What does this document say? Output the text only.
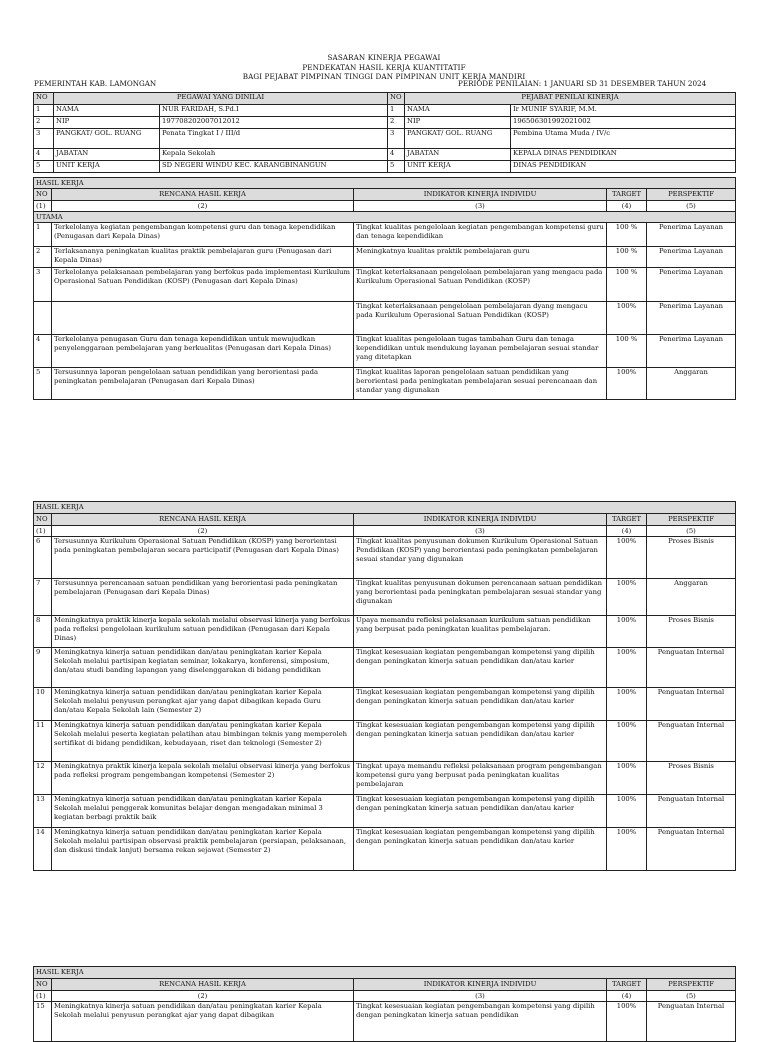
SASARAN KINERJA PEGAWAI
PENDEKATAN HASIL KERJA KUANTITATIF
BAGI PEJABAT PIMPINAN TINGGI DAN PIMPINAN UNIT KERJA MANDIRI
PEMERINTAH KAB. LAMONGAN	PERIODE PENILAIAN: 1 JANUARI SD 31 DESEMBER TAHUN 2024
NO	PEGAWAI YANG DINILAI		NO	PEJABAT PENILAI KINERJA	
1	NAMA	NUR FARIDAH, S.Pd.I	1	NAMA	Ir MUNIF SYARIF, M.M.
2	NIP	197708202007012012	2	NIP	196506301992021002
3	PANGKAT/ GOL. RUANG	Penata Tingkat I / III/d	3	PANGKAT/ GOL. RUANG	Pembina Utama Muda / IV/c
4	JABATAN	Kepala Sekolah	4	JABATAN	KEPALA DINAS PENDIDIKAN
5	UNIT KERJA	SD NEGERI WINDU KEC. KARANGBINANGUN	5	UNIT KERJA	DINAS PENDIDIKAN
HASIL KERJA				
NO	RENCANA HASIL KERJA	INDIKATOR KINERJA INDIVIDU	TARGET	PERSPEKTIF
(1)	(2)	(3)	(4)	(5)
UTAMA				
1	Terkelolanya kegiatan pengembangan kompetensi guru dan tenaga kependidikan (Penugasan dari Kepala Dinas)	Tingkat kualitas pengelolaan kegiatan pengembangan kompetensi guru dan tenaga kependidikan	100 %	Penerima Layanan
2	Terlaksananya peningkatan kualitas praktik pembelajaran guru (Penugasan dari Kepala Dinas)	Meningkatnya kualitas praktik pembelajaran guru	100 %	Penerima Layanan
3	Terkelolanya pelaksanaan pembelajaran yang berfokus pada implementasi Kurikulum Operasional Satuan Pendidikan (KOSP) (Penugasan dari Kepala Dinas)	Tingkat keterlaksanaan pengelolaan pembelajaran yang mengacu pada Kurikulum Operasional Satuan Pendidikan (KOSP)	100 %	Penerima Layanan
		Tingkat keterlaksanaan pengelolaan pembelajaran dyang mengacu pada Kurikulum Operasional Satuan Pendidikan (KOSP)	100%	Penerima Layanan
4	Terkelolanya penugasan Guru dan tenaga kependidikan untuk mewujudkan penyelenggaraan pembelajaran yang berkualitas (Penugasan dari Kepala Dinas)	Tingkat kualitas pengelolaan tugas tambahan Guru dan tenaga kependidikan untuk mendukung layanan pembelajaran sesuai standar yang ditetapkan	100 %	Penerima Layanan
5	Tersusunnya laporan pengelolaan satuan pendidikan yang berorientasi pada peningkatan pembelajaran (Penugasan dari Kepala Dinas)	Tingkat kualitas laporan pengelolaan satuan pendidikan yang berorientasi pada peningkatan pembelajaran sesuai perencanaan dan standar yang digunakan	100%	Anggaran
HASIL KERJA				
NO	RENCANA HASIL KERJA	INDIKATOR KINERJA INDIVIDU	TARGET	PERSPEKTIF
(1)	(2)	(3)	(4)	(5)
6	Tersusunnya Kurikulum Operasional Satuan Pendidikan (KOSP) yang berorientasi pada peningkatan pembelajaran secara participatif (Penugasan dari Kepala Dinas)	Tingkat kualitas penyusunan dokumen Kurikulum Operasional Satuan Pendidikan (KOSP) yang berorientasi pada peningkatan pembelajaran sesuai standar yang digunakan	100%	Proses Bisnis
7	Tersusunnya perencanaan satuan pendidikan yang berorientasi pada peningkatan pembelajaran (Penugasan dari Kepala Dinas)	Tingkat kualitas penyusunan dokumen perencanaan satuan pendidikan yang berorientasi pada peningkatan pembelajaran sesuai standar yang digunakan	100%	Anggaran
8	Meningkatnya praktik kinerja kepala sekolah melalui observasi kinerja yang berfokus pada refleksi pengelolaan kurikulum satuan pendidikan (Penugasan dari Kepala Dinas)	Upaya memandu refleksi pelaksanaan kurikulum satuan pendidikan yang berpusat pada peningkatan kualitas pembelajaran.	100%	Proses Bisnis
9	Meningkatnya kinerja satuan pendidikan dan/atau peningkatan karier Kepala Sekolah melalui partisipan kegiatan seminar, lokakarya, konferensi, simposium, dan/atau studi banding lapangan yang diselenggarakan di bidang pendidikan	Tingkat kesesuaian kegiatan pengembangan kompetensi yang dipilih dengan peningkatan kinerja satuan pendidikan dan/atau karier	100%	Penguatan Internal
10	Meningkatnya kinerja satuan pendidikan dan/atau peningkatan karier Kepala Sekolah melalui penyusun perangkat ajar yang dapat dibagikan kepada Guru dan/atau Kepala Sekolah lain (Semester 2)	Tingkat kesesuaian kegiatan pengembangan kompetensi yang dipilih dengan peningkatan kinerja satuan pendidikan dan/atau karier	100%	Penguatan Internal
11	Meningkatnya kinerja satuan pendidikan dan/atau peningkatan karier Kepala Sekolah melalui peserta kegiatan pelatihan atau bimbingan teknis yang memperoleh sertifikat di bidang pendidikan, kebudayaan, riset dan teknologi (Semester 2)	Tingkat kesesuaian kegiatan pengembangan kompetensi yang dipilih dengan peningkatan kinerja satuan pendidikan dan/atau karier	100%	Penguatan Internal
12	Meningkatnya praktik kinerja kepala sekolah melalui observasi kinerja yang berfokus pada refleksi program pengembangan kompetensi (Semester 2)	Tingkat upaya memandu refleksi pelaksanaan program pengembangan kompetensi guru yang berpusat pada peningkatan kualitas pembelajaran	100%	Proses Bisnis
13	Meningkatnya kinerja satuan pendidikan dan/atau peningkatan karier Kepala Sekolah melalui penggerak komunitas belajar dengan mengadakan minimal 3 kegiatan berbagi praktik baik	Tingkat kesesuaian kegiatan pengembangan kompetensi yang dipilih dengan peningkatan kinerja satuan pendidikan dan/atau karier	100%	Penguatan Internal
14	Meningkatnya kinerja satuan pendidikan dan/atau peningkatan karier Kepala Sekolah melalui partisipan observasi praktik pembelajaran (persiapan, pelaksanaan, dan diskusi tindak lanjut) bersama rekan sejawat (Semester 2)	Tingkat kesesuaian kegiatan pengembangan kompetensi yang dipilih dengan peningkatan kinerja satuan pendidikan dan/atau karier	100%	Penguatan Internal
HASIL KERJA				
NO	RENCANA HASIL KERJA	INDIKATOR KINERJA INDIVIDU	TARGET	PERSPEKTIF
(1)	(2)	(3)	(4)	(5)
15	Meningkatnya kinerja satuan pendidikan dan/atau peningkatan karier Kepala Sekolah melalui penyusun perangkat ajar yang dapat dibagikan	Tingkat kesesuaian kegiatan pengembangan kompetensi yang dipilih dengan peningkatan kinerja satuan pendidikan	100%	Penguatan Internal
